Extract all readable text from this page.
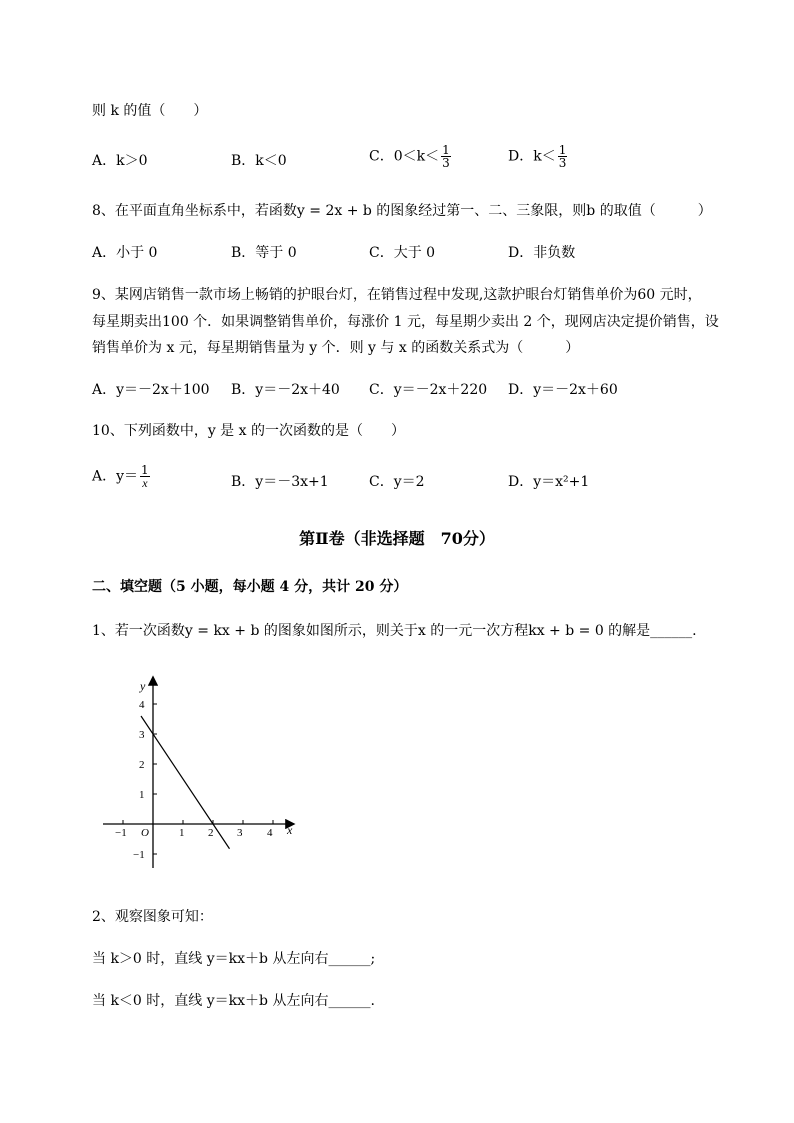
则 k 的值（　　）
A．k＞0	B．k＜0	C．$0<k< \frac{1}{3}$	D．$k< \frac{1}{3}$
8、在平面直角坐标系中，若函数y = 2x + b 的图象经过第一、二、三象限，则b 的取值（　　　）
A．小于 0	B．等于 0	C．大于 0	D．非负数
9、某网店销售一款市场上畅销的护眼台灯，在销售过程中发现,这款护眼台灯销售单价为60 元时，
每星期卖出100 个．如果调整销售单价，每涨价 1 元，每星期少卖出 2 个，现网店决定提价销售，设
销售单价为 x 元，每星期销售量为 y 个．则 y 与 x 的函数关系式为（　　　）
A．y＝－2x＋100 B．y＝－2x＋40 C．y＝－2x＋220 D．y＝－2x＋60
10、下列函数中，y 是 x 的一次函数的是（　　）
A．$y= \frac{1}{x}$	B．y＝－3x+1	C．y＝2	D．y＝x²+1
第Ⅱ卷（非选择题　70分）
二、填空题（5 小题，每小题 4 分，共计 20 分）
1、若一次函数y = kx + b 的图象如图所示，则关于x 的一元一次方程kx + b = 0 的解是______.
x
y
−1 O	1 2 3 4
4
3
2
1
−1
2、观察图象可知：
当 k＞0 时，直线 y＝kx＋b 从左向右______;
当 k＜0 时，直线 y＝kx＋b 从左向右______.
